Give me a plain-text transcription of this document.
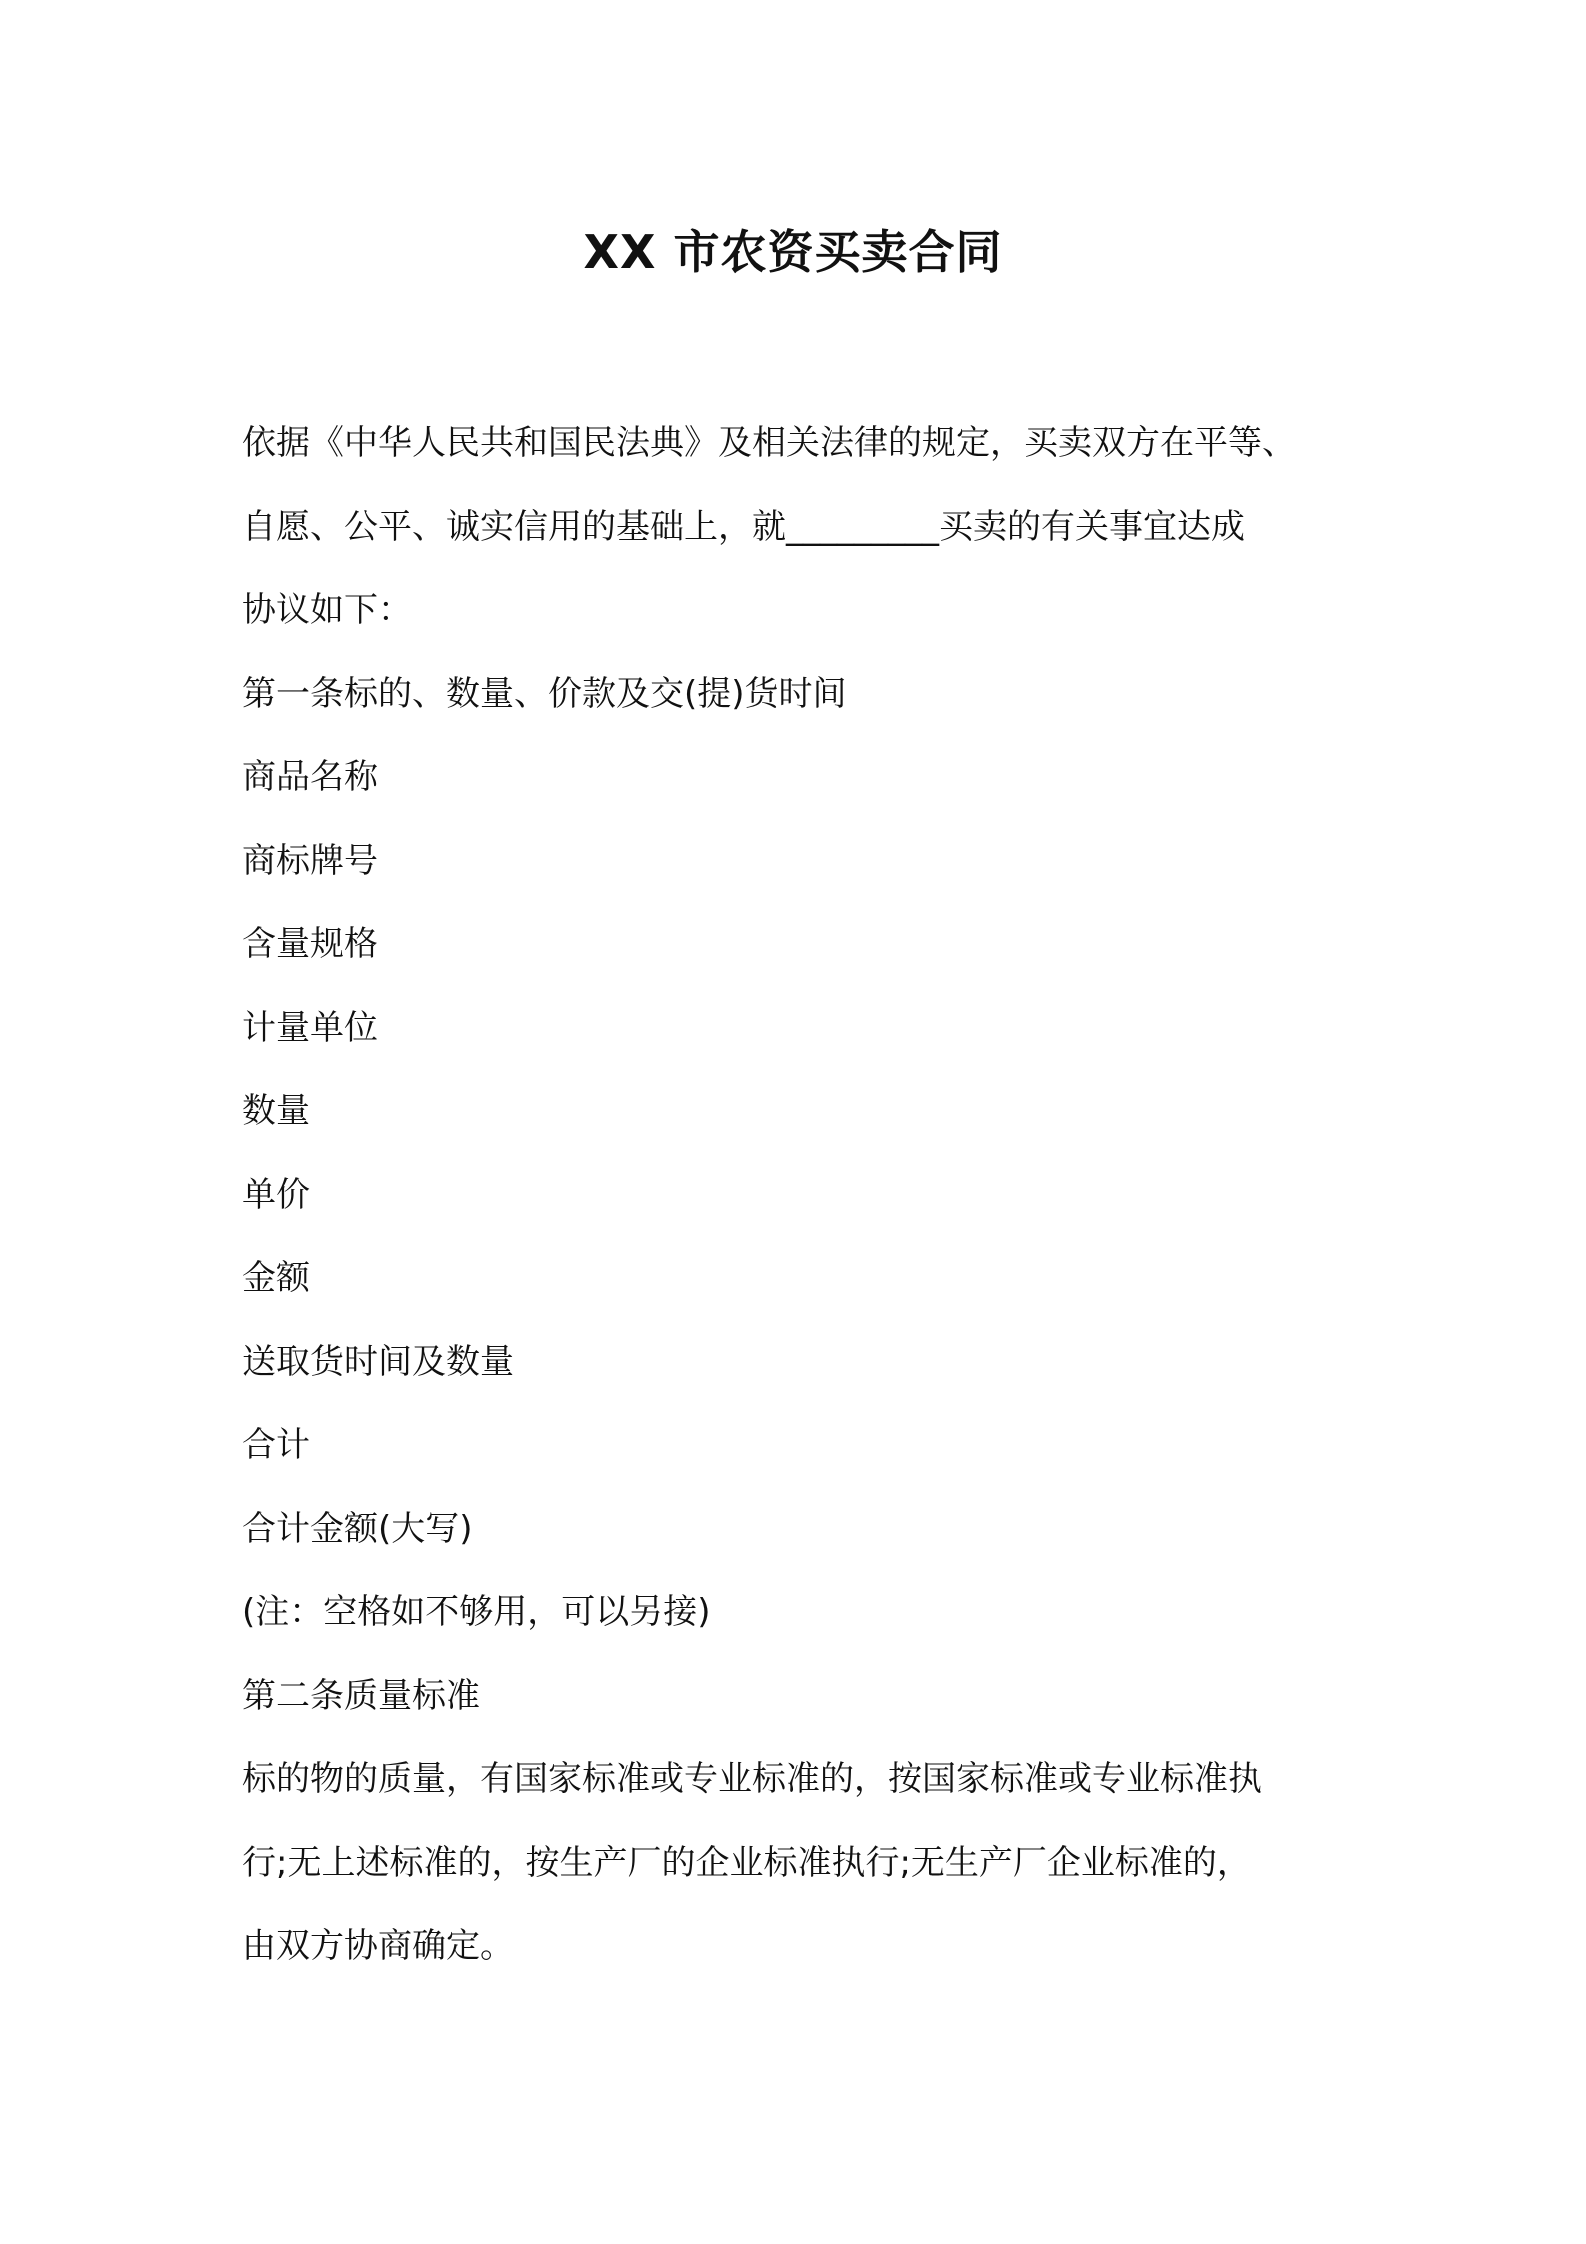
XX 市农资买卖合同
依据《中华人民共和国民法典》及相关法律的规定，买卖双方在平等、
自愿、公平、诚实信用的基础上，就_________买卖的有关事宜达成
协议如下：
第一条标的、数量、价款及交(提)货时间
商品名称
商标牌号
含量规格
计量单位
数量
单价
金额
送取货时间及数量
合计
合计金额(大写)
(注：空格如不够用，可以另接)
第二条质量标准
标的物的质量，有国家标准或专业标准的，按国家标准或专业标准执
行;无上述标准的，按生产厂的企业标准执行;无生产厂企业标准的，
由双方协商确定。
